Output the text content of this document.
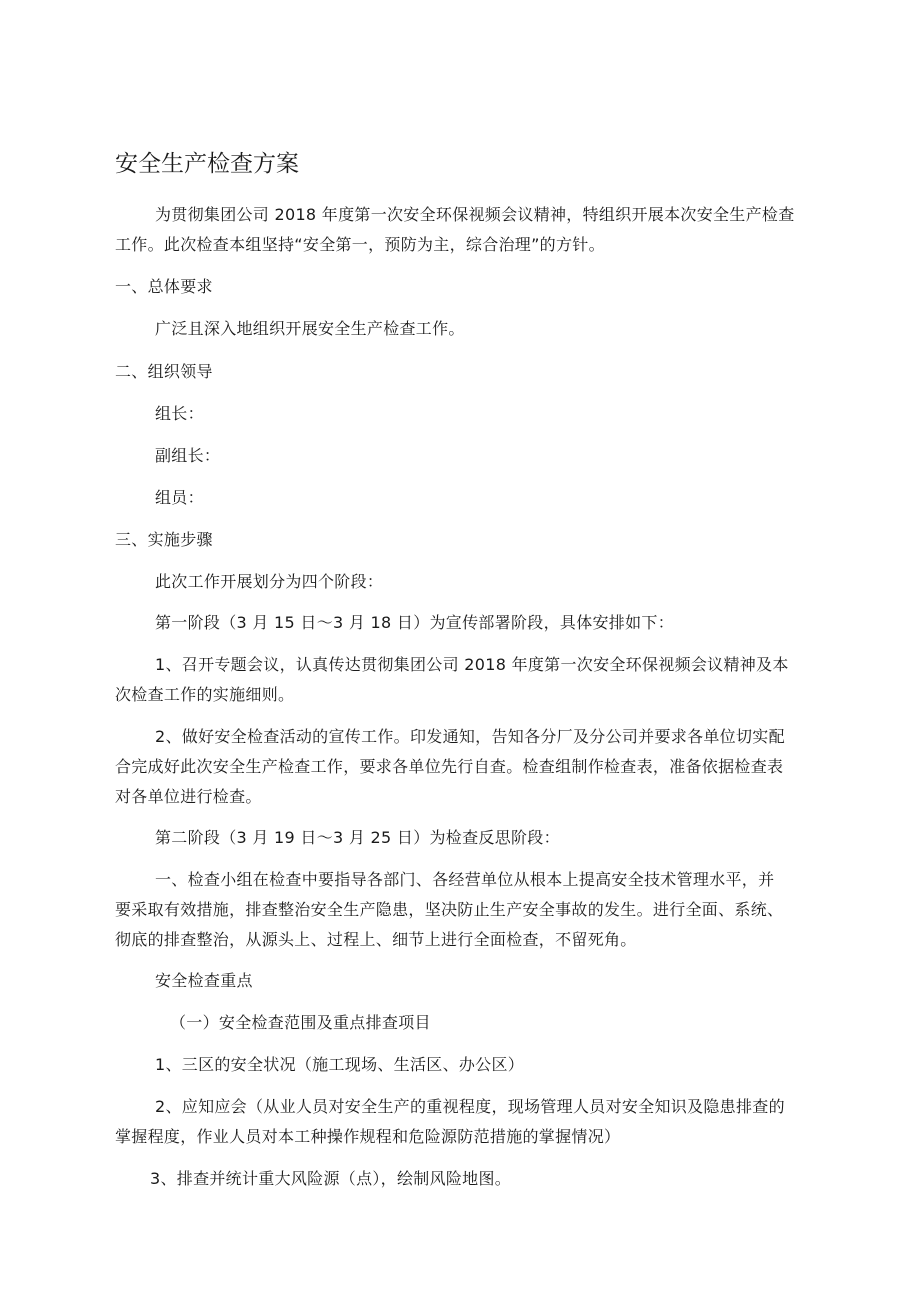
安全生产检查方案
为贯彻集团公司 2018 年度第一次安全环保视频会议精神，特组织开展本次安全生产检查
工作。此次检查本组坚持“安全第一，预防为主，综合治理”的方针。
一、总体要求
广泛且深入地组织开展安全生产检查工作。
二、组织领导
组长：
副组长：
组员：
三、实施步骤
此次工作开展划分为四个阶段：
第一阶段（3 月 15 日～3 月 18 日）为宣传部署阶段，具体安排如下：
1、召开专题会议，认真传达贯彻集团公司 2018 年度第一次安全环保视频会议精神及本
次检查工作的实施细则。
2、做好安全检查活动的宣传工作。印发通知，告知各分厂及分公司并要求各单位切实配
合完成好此次安全生产检查工作，要求各单位先行自查。检查组制作检查表，准备依据检查表
对各单位进行检查。
第二阶段（3 月 19 日～3 月 25 日）为检查反思阶段：
一、检查小组在检查中要指导各部门、各经营单位从根本上提高安全技术管理水平，并
要采取有效措施，排查整治安全生产隐患，坚决防止生产安全事故的发生。进行全面、系统、
彻底的排查整治，从源头上、过程上、细节上进行全面检查，不留死角。
安全检查重点
（一）安全检查范围及重点排查项目
1、三区的安全状况（施工现场、生活区、办公区）
2、应知应会（从业人员对安全生产的重视程度，现场管理人员对安全知识及隐患排查的
掌握程度，作业人员对本工种操作规程和危险源防范措施的掌握情况）
3、排查并统计重大风险源（点），绘制风险地图。
